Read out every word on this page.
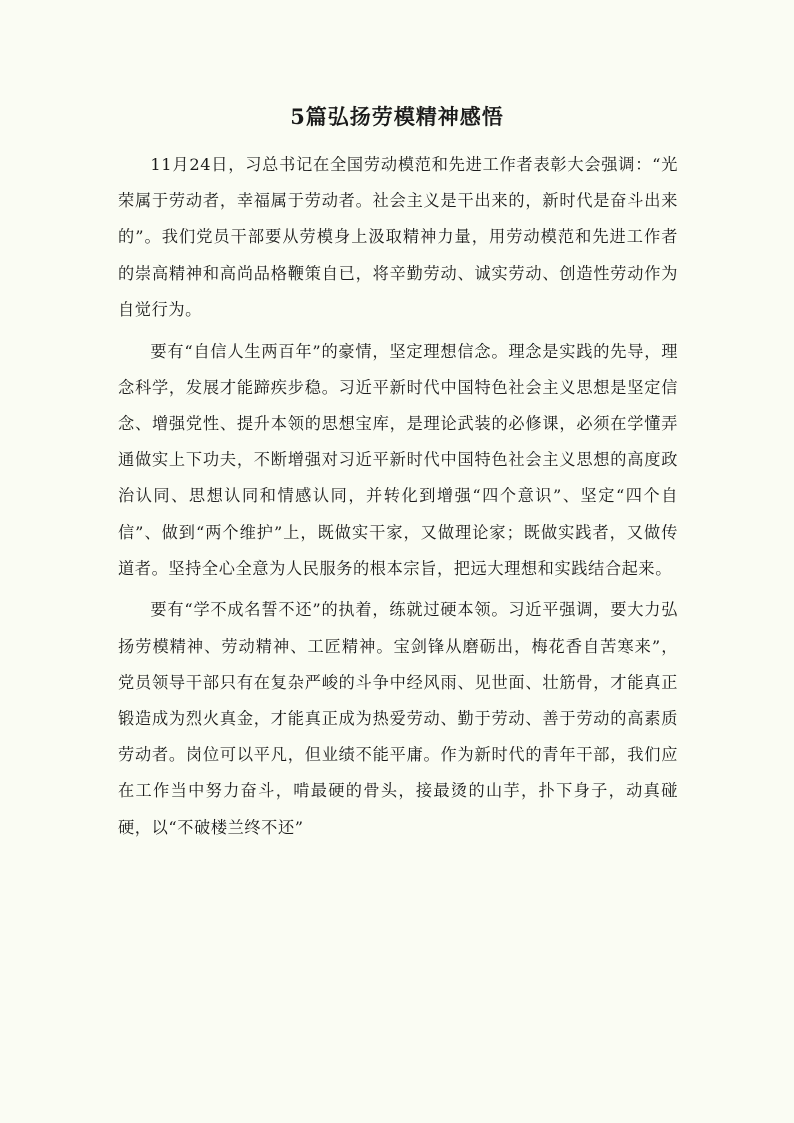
5篇弘扬劳模精神感悟

11月24日，习总书记在全国劳动模范和先进工作者表彰大会强调：“光荣属于劳动者，幸福属于劳动者。社会主义是干出来的，新时代是奋斗出来的”。我们党员干部要从劳模身上汲取精神力量，用劳动模范和先进工作者的崇高精神和高尚品格鞭策自已，将辛勤劳动、诚实劳动、创造性劳动作为自觉行为。

要有“自信人生两百年”的豪情，坚定理想信念。理念是实践的先导，理念科学，发展才能蹄疾步稳。习近平新时代中国特色社会主义思想是坚定信念、增强党性、提升本领的思想宝库，是理论武装的必修课，必须在学懂弄通做实上下功夫，不断增强对习近平新时代中国特色社会主义思想的高度政治认同、思想认同和情感认同，并转化到增强“四个意识”、坚定“四个自信”、做到“两个维护”上，既做实干家，又做理论家；既做实践者，又做传道者。坚持全心全意为人民服务的根本宗旨，把远大理想和实践结合起来。

要有“学不成名誓不还”的执着，练就过硬本领。习近平强调，要大力弘扬劳模精神、劳动精神、工匠精神。宝剑锋从磨砺出，梅花香自苦寒来”，党员领导干部只有在复杂严峻的斗争中经风雨、见世面、壮筋骨，才能真正锻造成为烈火真金，才能真正成为热爱劳动、勤于劳动、善于劳动的高素质劳动者。岗位可以平凡，但业绩不能平庸。作为新时代的青年干部，我们应在工作当中努力奋斗，啃最硬的骨头，接最烫的山芋，扑下身子，动真碰硬，以“不破楼兰终不还”
